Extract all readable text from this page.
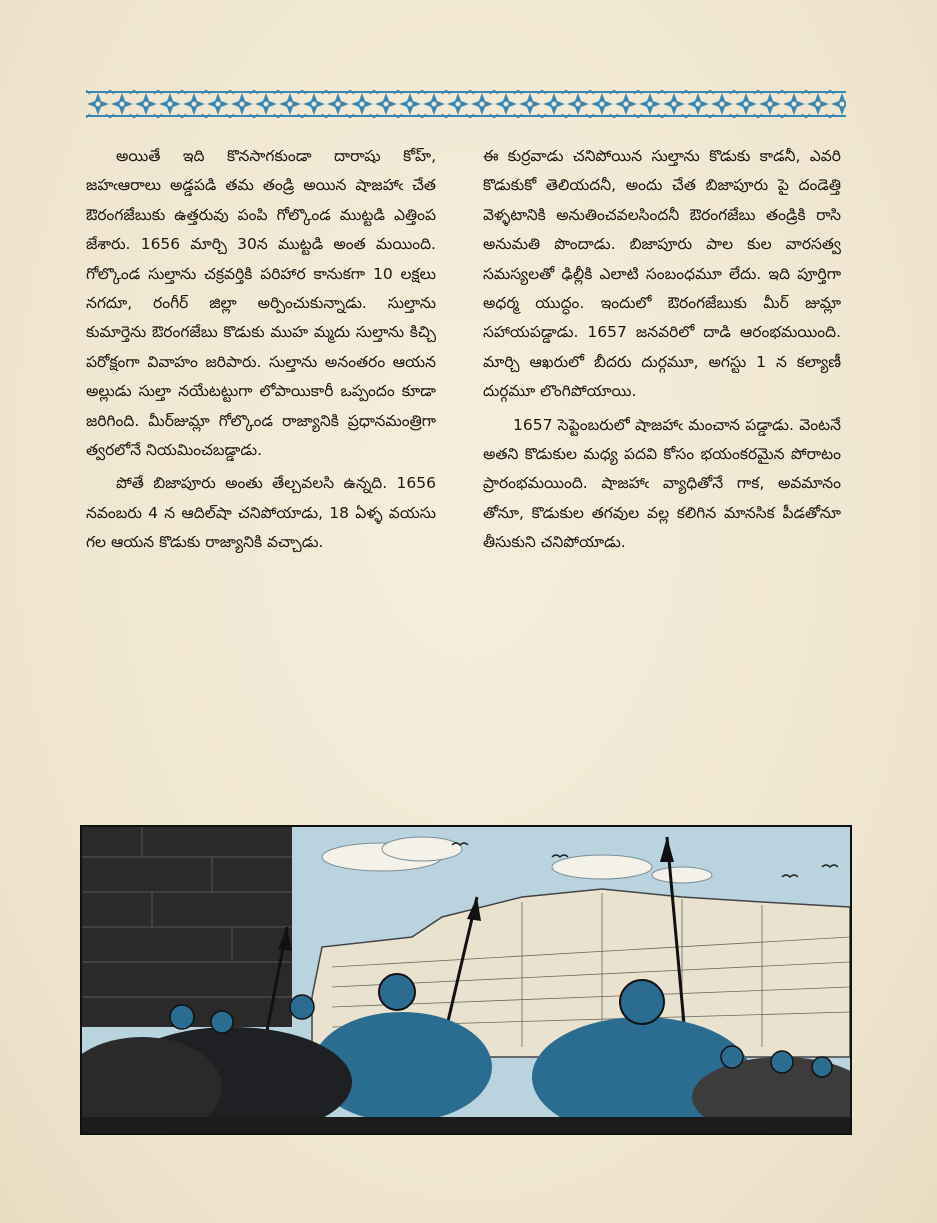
అయితే ఇది కొనసాగకుండా దారాషు కోహ్, జహఁఆరాలు అడ్డపడి తమ తండ్రి అయిన షాజహాఁ చేత ఔరంగజేబుకు ఉత్తరువు పంపి గోల్కొండ ముట్టడి ఎత్తింప జేశారు. 1656 మార్చి 30న ముట్టడి అంత మయింది. గోల్కొండ సుల్తాను చక్రవర్తికి పరిహార కానుకగా 10 లక్షలు నగదూ, రంగీర్ జిల్లా అర్పించుకున్నాడు. సుల్తాను కుమార్తెను ఔరంగజేబు కొడుకు ముహ మ్మదు సుల్తాను కిచ్చి పరోక్షంగా వివాహం జరిపారు. సుల్తాను అనంతరం ఆయన అల్లుడు సుల్తా నయేటట్టుగా లోపాయికారీ ఒప్పందం కూడా జరిగింది. మీర్‌జుమ్లా గోల్కొండ రాజ్యానికి ప్రధానమంత్రిగా త్వరలోనే నియమించబడ్డాడు.

పోతే బిజాపూరు అంతు తేల్చవలసి ఉన్నది. 1656 నవంబరు 4 న ఆదిల్‌షా చనిపోయాడు, 18 ఏళ్ళ వయసు గల ఆయన కొడుకు రాజ్యానికి వచ్చాడు.

ఈ కుర్రవాడు చనిపోయిన సుల్తాను కొడుకు కాడనీ, ఎవరి కొడుకుకో తెలియదనీ, అందు చేత బిజాపూరు పై దండెత్తి వెళ్ళటానికి అనుతించవలసిందనీ ఔరంగజేబు తండ్రికి రాసి అనుమతి పొందాడు. బిజాపూరు పాల కుల వారసత్వ సమస్యలతో ఢిల్లీకి ఎలాటి సంబంధమూ లేదు. ఇది పూర్తిగా అధర్మ యుద్ధం. ఇందులో ఔరంగజేబుకు మీర్ జుమ్లా సహాయపడ్డాడు. 1657 జనవరిలో దాడి ఆరంభమయింది. మార్చి ఆఖరులో బీదరు దుర్గమూ, అగస్టు 1 న కల్యాణీ దుర్గమూ లొంగిపోయాయి.

1657 సెప్టెంబరులో షాజహాఁ మంచాన పడ్డాడు. వెంటనే అతని కొడుకుల మధ్య పదవి కోసం భయంకరమైన పోరాటం ప్రారంభమయింది. షాజహాఁ వ్యాధితోనే గాక, అవమానం తోనూ, కొడుకుల తగవుల వల్ల కలిగిన మానసిక పీడతోనూ తీసుకుని చనిపోయాడు.
